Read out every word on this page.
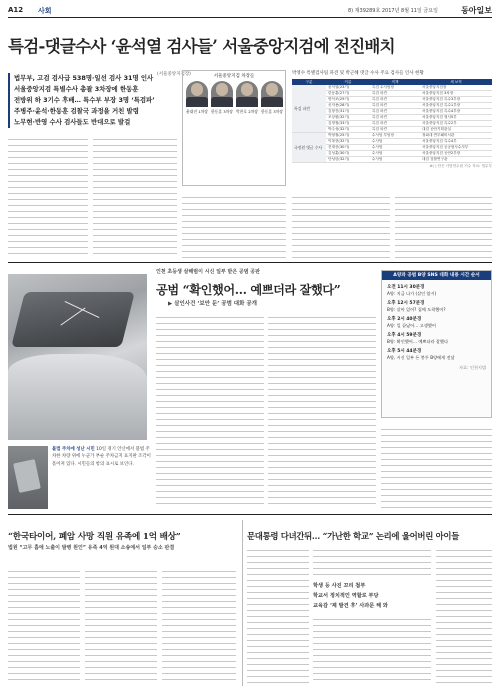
A12 사회	8) 제39289호 2017년 8월 11일 금요일	동아일보
특검-댓글수사 ‘윤석열 검사들’ 서울중앙지검에 전진배치
(서울중앙지검장)
법무부, 고검 검사급 538명·일선 검사 31명 인사
서울중앙지검 특별수사 총괄 3차장에 한동훈
전방위 하 3기수 후배… 특수부 부장 3명 ‘특검파’
주병주·윤석·한동훈 검찰국 과정을 거친 발령
노무현·반영 수사 검사들도 반대으로 발걸
서울중앙지검 차장들
윤대진 1차장 한동훈 3차장 박찬호 2차장 한동훈 3차장
박영수 특별검사팀 파견 및 박근혜 댓글 수사 주요 검사들 인사 현황
구분	이름	직책	새 보직
특검 파견	윤석열(23기)	특검 수사팀장	서울중앙지검장
	한동훈(27기)	특검 파견	서울중앙지검 3차장
	양석조(29기)	특검 파견	서울중앙지검 특수3부장
	신자용(28기)	특검 파견	서울중앙지검 특수1부장
	김창진(31기)	특검 파견	서울중앙지검 특수4부장
	조상원(32기)	특검 파견	서울중앙지검 형사5부
	김영철(33기)	특검 파견	서울중앙지검 특수2부
	박주성(32기)	특검 파견	대검 공안기획관실
국정원 댓글 수사	박형철(25기)	수사팀 부팀장	청와대 반부패비서관
	이복현(32기)	수사팀	서울중앙지검 특수4부
	진재선(30기)	수사팀	서울중앙지검 공공형사수사부
	김성훈(30기)	수사팀	서울중앙지검 공안2부장
	단성한(32기)	수사팀	대검 검찰연구관
※( ) 안은 사법연수원 기수 자료: 법무부
불법 주차에 성난 시민 10일 경기 안산에서 불법 주차한 차량 위에 누군가 부순 주차금지 표지판 조각이 흩어져 있다. 시민들의 항의 표시로 보인다.
인천 초등생 살해범이 시신 일부 받은 공범 공판
공범 “확인했어… 예쁘더라 잘했다”
▶ 살인사건 ‘보안 둔’ 공범 대화 공개
A양과 공범 B양 SNS 대화 내용 시간 순서
오전 11시 30분경
A양: 지금 나가 (살인 암시)
오후 12시 57분경
B양: 살아 있어? 집에 도착했어?
오후 2시 40분경
A양: 일 끝났어… 고생했어
오후 4시 59분경
B양: 확인했어… 예쁘더라 잘했다
오후 5시 44분경
A양, 시신 일부 든 봉투 B양에게 전달
자료: 인천지법
“한국타이어, 폐암 사망 직원 유족에 1억 배상”
법원 “고무 흄에 노출이 발병 원인” 유족 4억 원대 소송에서 일부 승소 판결
문대통령 다녀간뒤… “가난한 학교” 논리에 울어버린 아이들
학생 등 사진 꼬리 첨부
학교서 정치적인 역할로 부당
교육감 ‘제 발견 후’ 사과문 해 와
